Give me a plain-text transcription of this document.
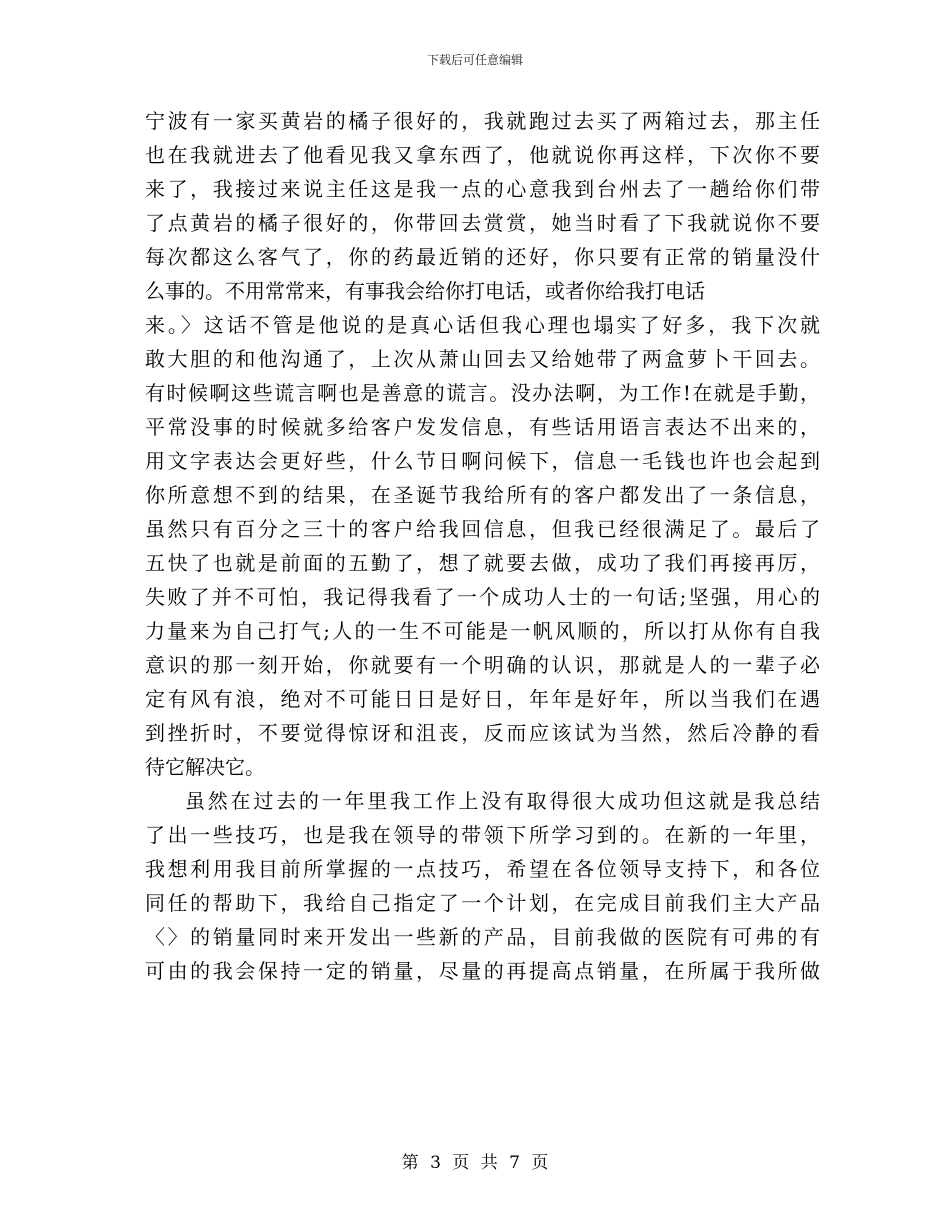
下载后可任意编辑
宁波有一家买黄岩的橘子很好的，我就跑过去买了两箱过去，那主任
也在我就进去了他看见我又拿东西了，他就说你再这样，下次你不要
来了，我接过来说主任这是我一点的心意我到台州去了一趟给你们带
了点黄岩的橘子很好的，你带回去赏赏，她当时看了下我就说你不要
每次都这么客气了，你的药最近销的还好，你只要有正常的销量没什
么事的。不用常常来，有事我会给你打电话，或者你给我打电话
来。〉这话不管是他说的是真心话但我心理也塌实了好多，我下次就
敢大胆的和他沟通了，上次从萧山回去又给她带了两盒萝卜干回去。
有时候啊这些谎言啊也是善意的谎言。没办法啊，为工作!在就是手勤，
平常没事的时候就多给客户发发信息，有些话用语言表达不出来的，
用文字表达会更好些，什么节日啊问候下，信息一毛钱也许也会起到
你所意想不到的结果，在圣诞节我给所有的客户都发出了一条信息，
虽然只有百分之三十的客户给我回信息，但我已经很满足了。最后了
五快了也就是前面的五勤了，想了就要去做，成功了我们再接再厉，
失败了并不可怕，我记得我看了一个成功人士的一句话;坚强，用心的
力量来为自己打气;人的一生不可能是一帆风顺的，所以打从你有自我
意识的那一刻开始，你就要有一个明确的认识，那就是人的一辈子必
定有风有浪，绝对不可能日日是好日，年年是好年，所以当我们在遇
到挫折时，不要觉得惊讶和沮丧，反而应该试为当然，然后冷静的看
待它解决它。
虽然在过去的一年里我工作上没有取得很大成功但这就是我总结
了出一些技巧，也是我在领导的带领下所学习到的。在新的一年里，
我想利用我目前所掌握的一点技巧，希望在各位领导支持下，和各位
同任的帮助下，我给自己指定了一个计划，在完成目前我们主大产品
〈〉的销量同时来开发出一些新的产品，目前我做的医院有可弗的有
可由的我会保持一定的销量，尽量的再提高点销量，在所属于我所做
第 3 页 共 7 页
